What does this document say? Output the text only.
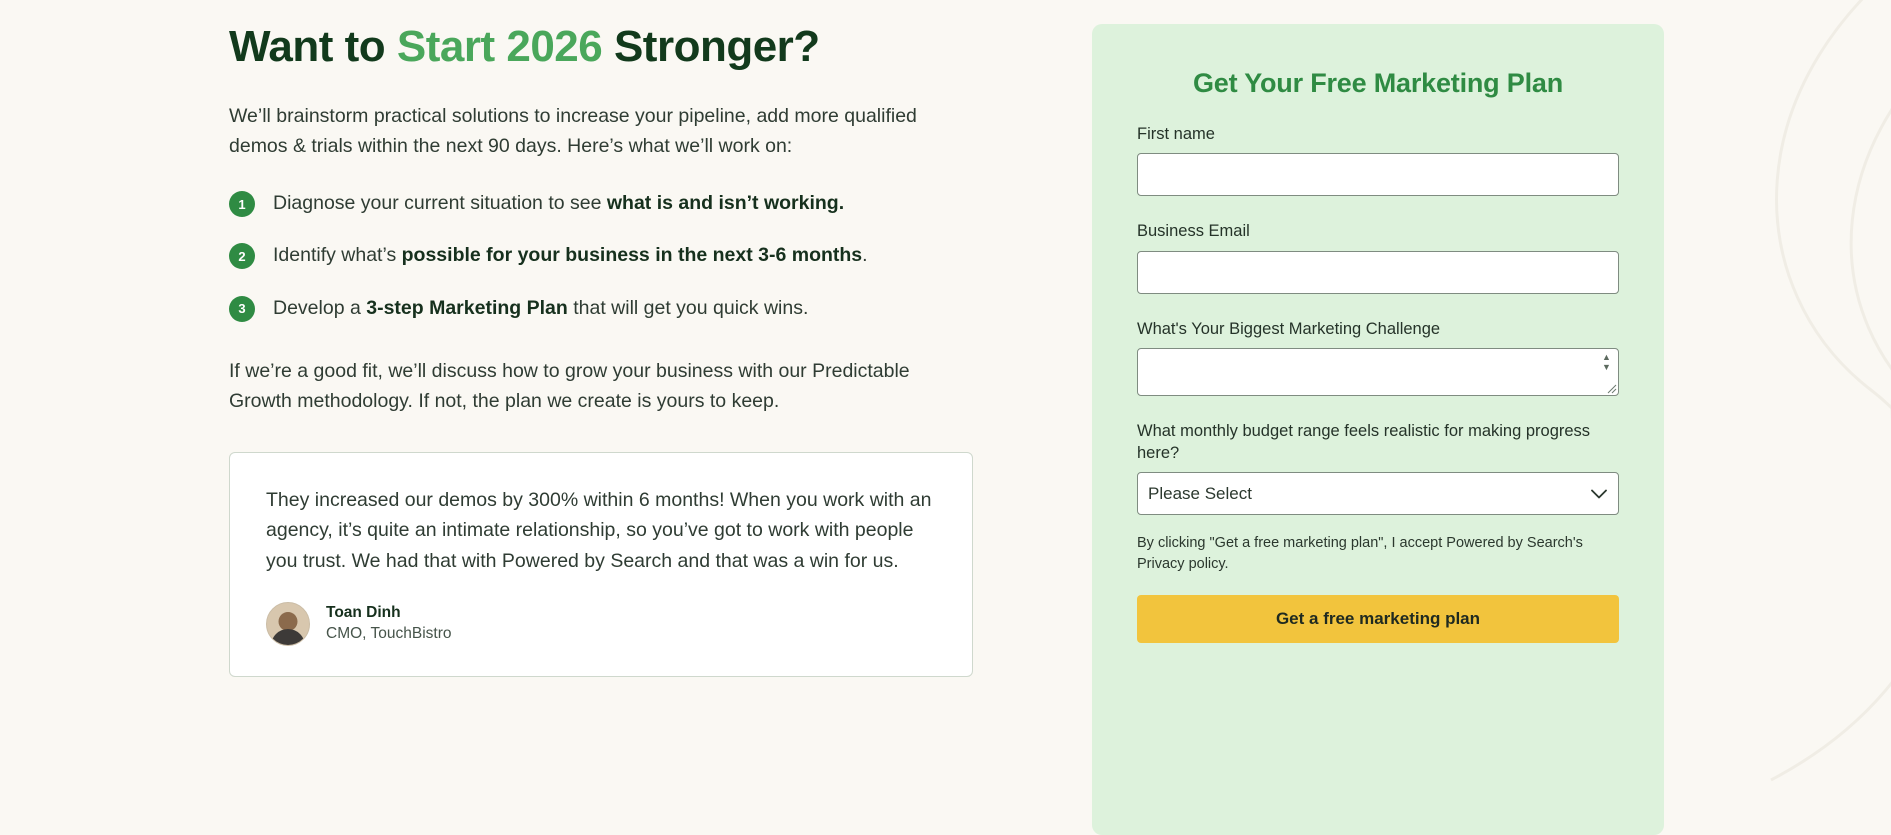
Want to Start 2026 Stronger?

We’ll brainstorm practical solutions to increase your pipeline, add more qualified demos & trials within the next 90 days. Here’s what we’ll work on:

1	Diagnose your current situation to see what is and isn’t working.
2	Identify what’s possible for your business in the next 3-6 months.
3	Develop a 3-step Marketing Plan that will get you quick wins.

If we’re a good fit, we’ll discuss how to grow your business with our Predictable Growth methodology. If not, the plan we create is yours to keep.

They increased our demos by 300% within 6 months! When you work with an agency, it’s quite an intimate relationship, so you’ve got to work with people you trust. We had that with Powered by Search and that was a win for us.

Toan Dinh
CMO, TouchBistro
Get Your Free Marketing Plan
First name
Business Email
What's Your Biggest Marketing Challenge
▲
▼
What monthly budget range feels realistic for making progress here?
Please Select
By clicking "Get a free marketing plan", I accept Powered by Search's Privacy policy.
Get a free marketing plan
